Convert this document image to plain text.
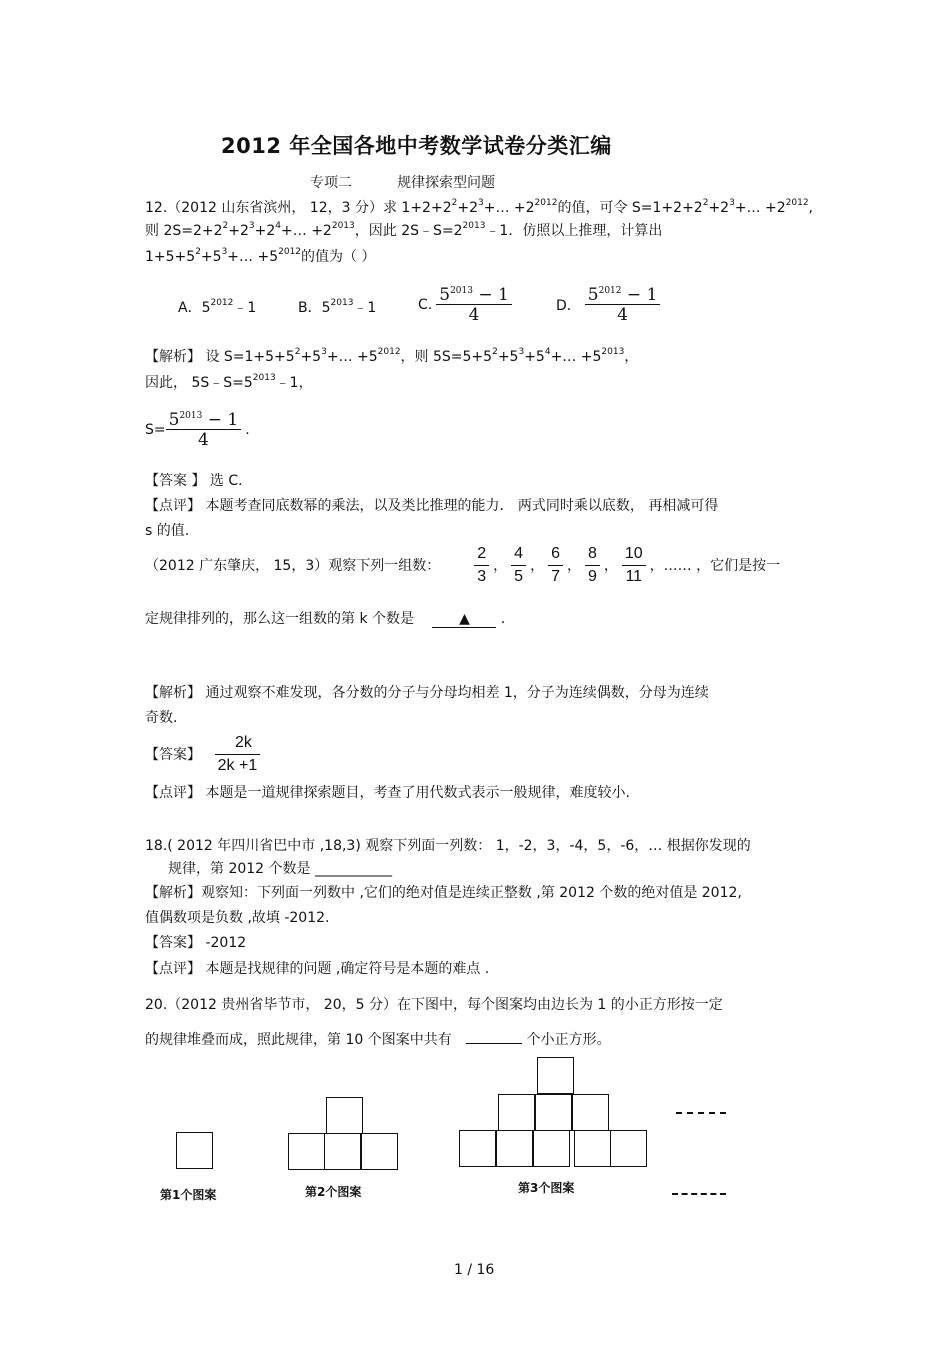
2012 年全国各地中考数学试卷分类汇编
专项二	规律探索型问题
12.（2012 山东省滨州， 12，3 分）求 $1+2+2^2+2^3+\dots +2^{2012}$的值，可令 $S=1+2+2^2+2^3+\dots +2^{2012}$,
则 $2S=2+2^2+2^3+2^4+\dots +2^{2013}$，因此 $2S﹣S=2^{2013}﹣1$．仿照以上推理，计算出
$1+5+5^2+5^3+\dots +5^{2012}$的值为（ ）
A．$5^{2012}﹣1$	B．$5^{2013}﹣1$	C. $\frac{5^{2013} - 1}{4}$	D． $\frac{5^{2012} - 1}{4}$
【解析】 设 $S=1+5+5^2+5^3+\dots +5^{2012}$，则 $5S=5+5^2+5^3+5^4+\dots +5^{2013}$，
因此， $5S﹣S=5^{2013}﹣1$，
$S= \frac{5^{2013} - 1}{4}$ .
【答案 】 选 C．
【点评】 本题考查同底数幂的乘法，以及类比推理的能力． 两式同时乘以底数， 再相减可得
s 的值.
（2012 广东肇庆， 15，3）观察下列一组数： $\frac{2}{3}$ ， $\frac{4}{5}$ ， $\frac{6}{7}$ ， $\frac{8}{9}$ ， $\frac{10}{11}$ ，…… ，它们是按一
定规律排列的，那么这一组数的第 k 个数是	▲ ．
【解析】 通过观察不难发现，各分数的分子与分母均相差 1，分子为连续偶数，分母为连续
奇数.
【答案】 $\frac{2k}{2k +1}$
【点评】 本题是一道规律探索题目，考查了用代数式表示一般规律，难度较小.
18.( 2012 年四川省巴中市 ,18,3) 观察下列面一列数： 1，-2，3，-4，5，-6，… 根据你发现的
规律，第 2012 个数是 ___________
【解析】观察知：下列面一列数中 ,它们的绝对值是连续正整数 ,第 2012 个数的绝对值是 2012,
值偶数项是负数 ,故填 -2012.
【答案】 -2012
【点评】 本题是找规律的问题 ,确定符号是本题的难点 .
20.（2012 贵州省毕节市， 20，5 分）在下图中，每个图案均由边长为 1 的小正方形按一定
的规律堆叠而成，照此规律，第 10 个图案中共有	个小正方形。
第1个图案	第2个图案	第3个图案
1 / 16
